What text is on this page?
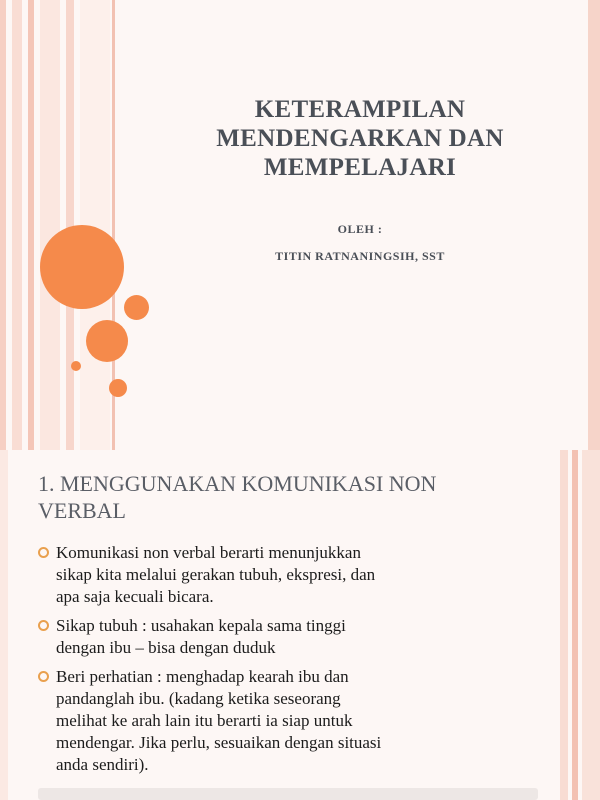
KETERAMPILAN
MENDENGARKAN DAN
MEMPELAJARI
OLEH :
TITIN RATNANINGSIH, SST
1. MENGGUNAKAN KOMUNIKASI NON
VERBAL
Komunikasi non verbal berarti menunjukkan
sikap kita melalui gerakan tubuh, ekspresi, dan
apa saja kecuali bicara.
Sikap tubuh : usahakan kepala sama tinggi
dengan ibu – bisa dengan duduk
Beri perhatian : menghadap kearah ibu dan
pandanglah ibu. (kadang ketika seseorang
melihat ke arah lain itu berarti ia siap untuk
mendengar. Jika perlu, sesuaikan dengan situasi
anda sendiri).
